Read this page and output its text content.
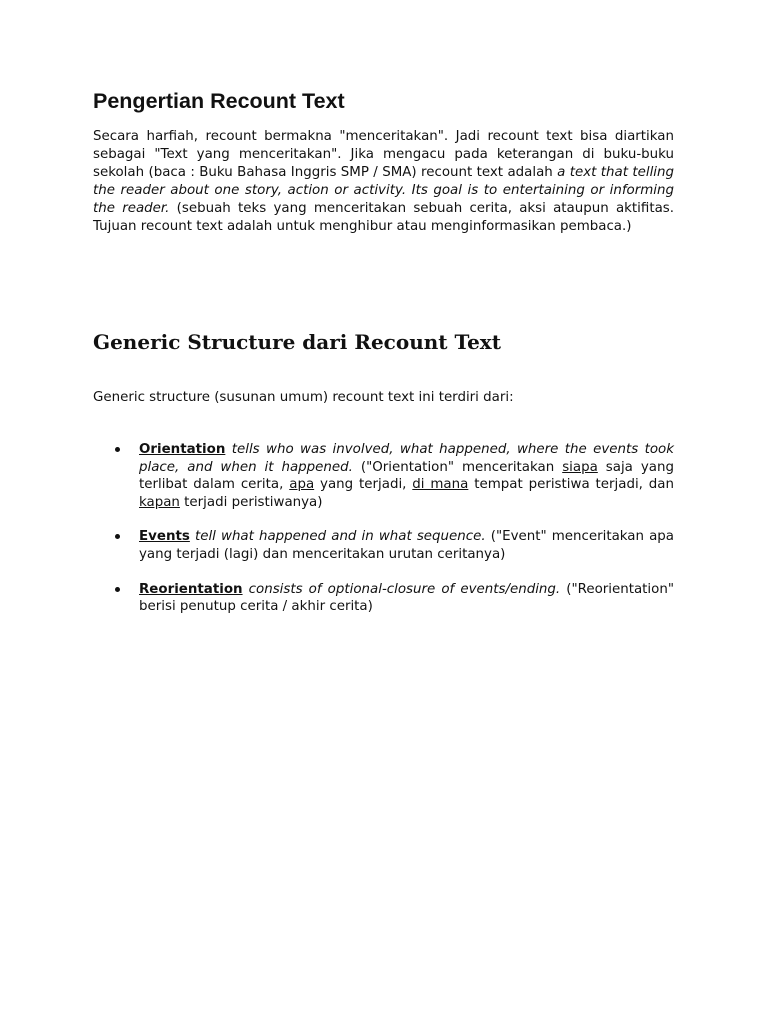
Pengertian Recount Text

Secara harfiah, recount bermakna "menceritakan". Jadi recount text bisa diartikan sebagai "Text yang menceritakan". Jika mengacu pada keterangan di buku-buku sekolah (baca : Buku Bahasa Inggris SMP / SMA) recount text adalah a text that telling the reader about one story, action or activity. Its goal is to entertaining or informing the reader. (sebuah teks yang menceritakan sebuah cerita, aksi ataupun aktifitas. Tujuan recount text adalah untuk menghibur atau menginformasikan pembaca.)

Generic Structure dari Recount Text

Generic structure (susunan umum) recount text ini terdiri dari:

Orientation tells who was involved, what happened, where the events took place, and when it happened. ("Orientation" menceritakan siapa saja yang terlibat dalam cerita, apa yang terjadi, di mana tempat peristiwa terjadi, dan kapan terjadi peristiwanya)
Events tell what happened and in what sequence. ("Event" menceritakan apa yang terjadi (lagi) dan menceritakan urutan ceritanya)
Reorientation consists of optional-closure of events/ending. ("Reorientation" berisi penutup cerita / akhir cerita)
